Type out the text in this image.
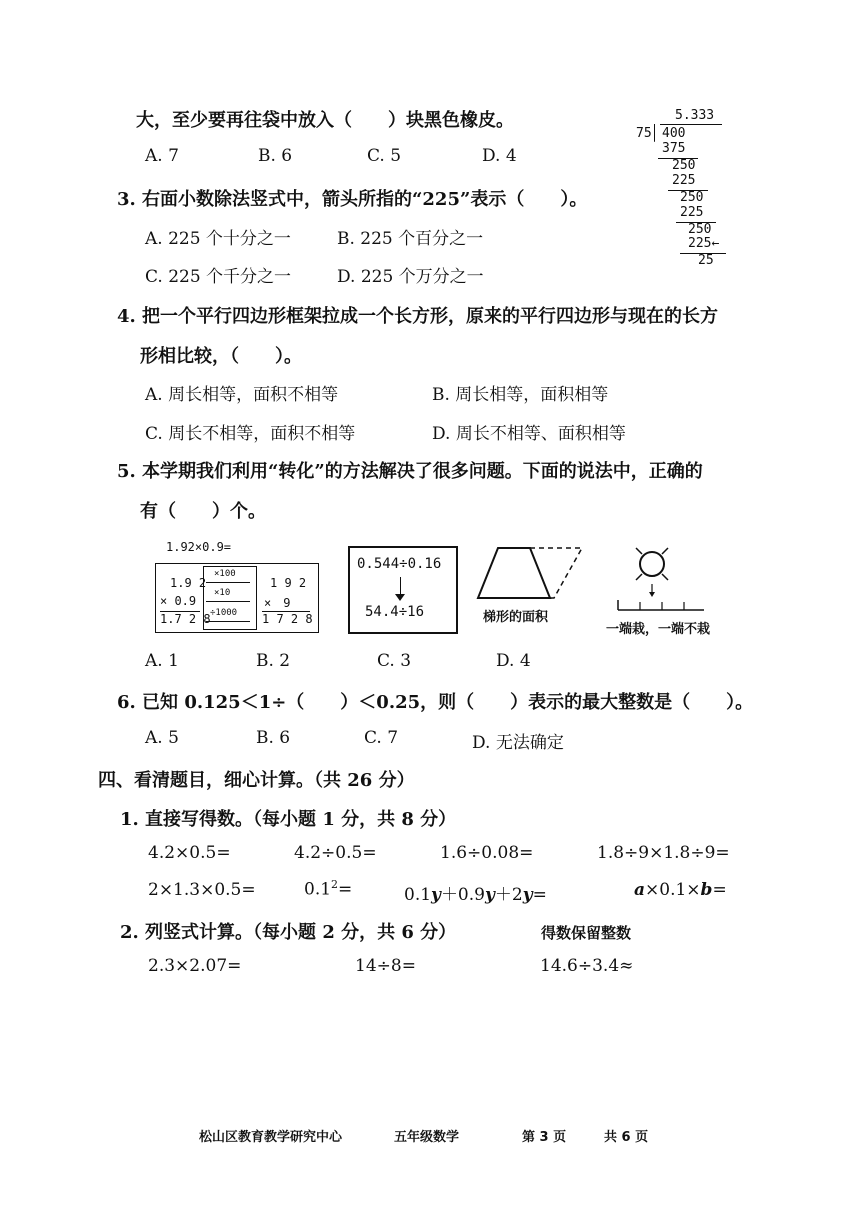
大，至少要再往袋中放入（　　）块黑色橡皮。
A. 7	B. 6	C. 5	D. 4
5.333
75 400
375
250
225
250
225
250
225←
25
3. 右面小数除法竖式中，箭头所指的“225”表示（　　）。
A. 225 个十分之一	B. 225 个百分之一
C. 225 个千分之一	D. 225 个万分之一
4. 把一个平行四边形框架拉成一个长方形，原来的平行四边形与现在的长方
形相比较，（　　）。
A. 周长相等，面积不相等	B. 周长相等，面积相等
C. 周长不相等，面积不相等	D. 周长不相等、面积相等
5. 本学期我们利用“转化”的方法解决了很多问题。下面的说法中，正确的
有（　　）个。
1.92×0.9=
1.9 2
× 0.9
1.7 2 8
×100
×10
÷1000
1 9 2
×　9
1 7 2 8
0.544÷0.16
54.4÷16	梯形的面积
一端栽，一端不栽
A. 1	B. 2	C. 3	D. 4
6. 已知 0.125＜1÷（　　）＜0.25，则（　　）表示的最大整数是（　　）。
A. 5	B. 6	C. 7	D. 无法确定
四、看清题目，细心计算。（共 26 分）
1. 直接写得数。（每小题 1 分，共 8 分）
4.2×0.5=	4.2÷0.5=	1.6÷0.08=	1.8÷9×1.8÷9=
2×1.3×0.5=	$0.1^2=$	0.1y＋0.9y＋2y=	a×0.1×b=
2. 列竖式计算。（每小题 2 分，共 6 分）	得数保留整数
2.3×2.07=	14÷8=	14.6÷3.4≈
松山区教育教学研究中心	五年级数学	第 3 页	共 6 页
